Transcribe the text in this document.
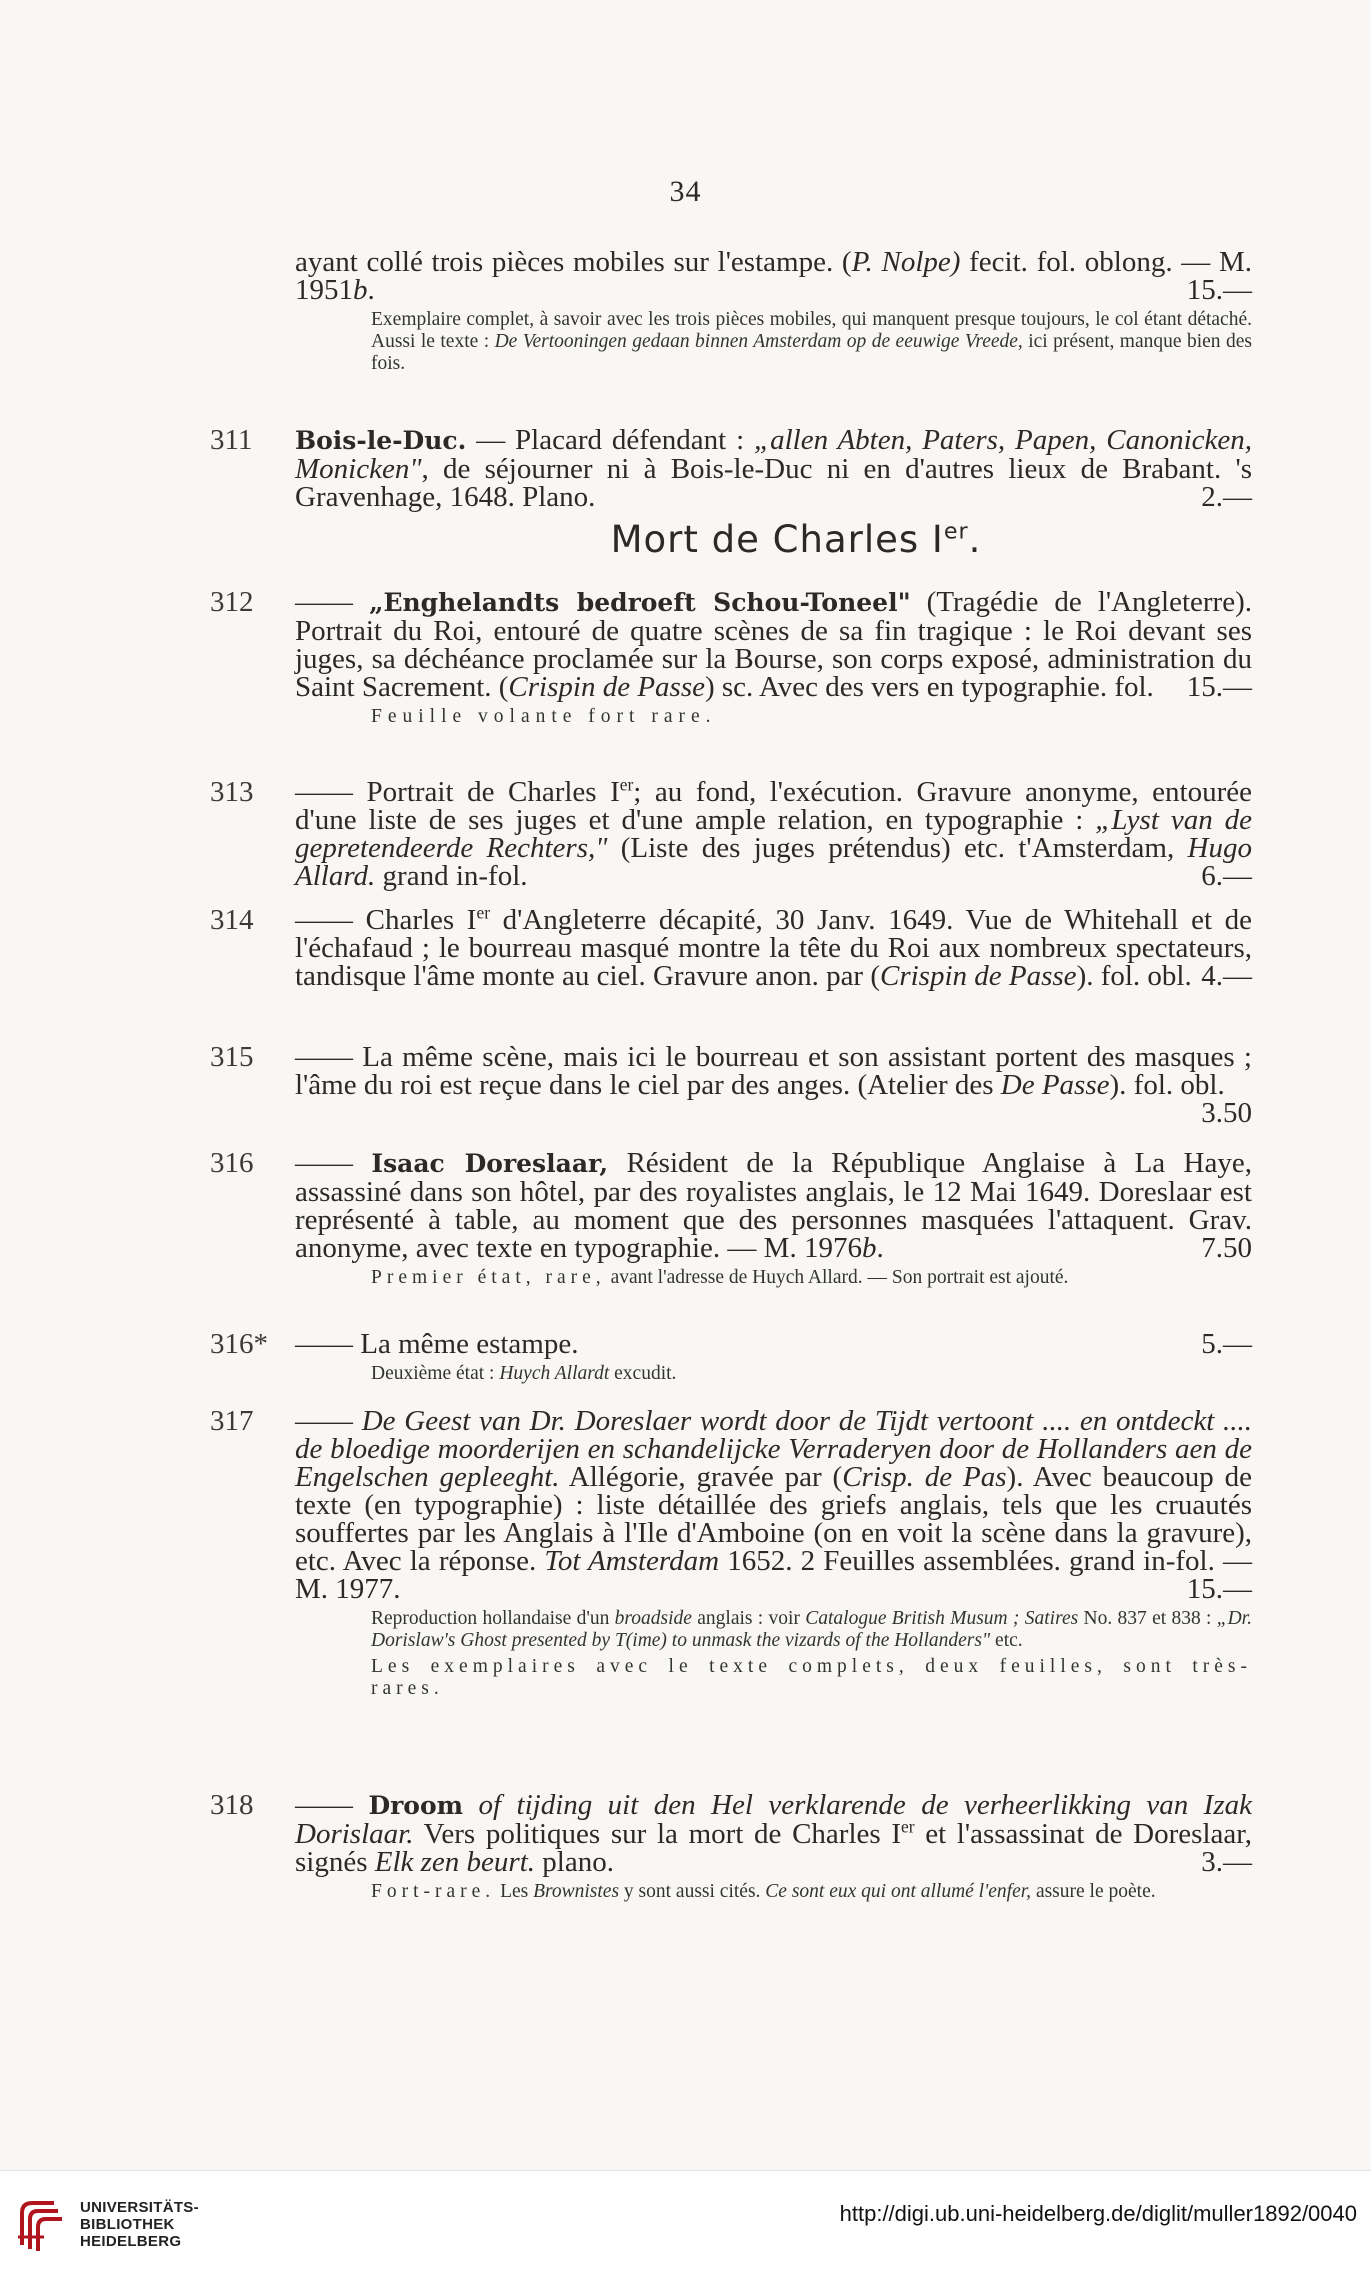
34
ayant collé trois pièces mobiles sur l'estampe. (P. Nolpe) fecit. fol. oblong. — M. 1951b.	15.—
Exemplaire complet, à savoir avec les trois pièces mobiles, qui manquent presque toujours, le col étant détaché. Aussi le texte : De Vertooningen gedaan binnen Amsterdam op de eeuwige Vreede, ici présent, manque bien des fois.
311	Bois-le-Duc. — Placard défendant : „allen Abten, Paters, Papen, Canonicken, Monicken", de séjourner ni à Bois-le-Duc ni en d'autres lieux de Brabant. 's Gravenhage, 1648. Plano.	2.—
Mort de Charles Ier.
312	—— „Enghelandts bedroeft Schou-Toneel" (Tragédie de l'Angleterre). Portrait du Roi, entouré de quatre scènes de sa fin tragique : le Roi devant ses juges, sa déchéance proclamée sur la Bourse, son corps exposé, administration du Saint Sacrement. (Crispin de Passe) sc. Avec des vers en typographie. fol. 15.—
Feuille volante fort rare.
313	—— Portrait de Charles Ier; au fond, l'exécution. Gravure anonyme, entourée d'une liste de ses juges et d'une ample relation, en typographie : „Lyst van de gepretendeerde Rechters," (Liste des juges prétendus) etc. t'Amsterdam, Hugo Allard. grand in-fol.	6.—
314	—— Charles Ier d'Angleterre décapité, 30 Janv. 1649. Vue de Whitehall et de l'échafaud ; le bourreau masqué montre la tête du Roi aux nombreux spectateurs, tandisque l'âme monte au ciel. Gravure anon. par (Crispin de Passe). fol. obl. 4.—
315	—— La même scène, mais ici le bourreau et son assistant portent des masques ; l'âme du roi est reçue dans le ciel par des anges. (Atelier des De Passe). fol. obl.
3.50
316	—— Isaac Doreslaar, Résident de la République Anglaise à La Haye, assassiné dans son hôtel, par des royalistes anglais, le 12 Mai 1649. Doreslaar est représenté à table, au moment que des personnes masquées l'attaquent. Grav. anonyme, avec texte en typographie. — M. 1976b.	7.50
Premier état, rare, avant l'adresse de Huych Allard. — Son portrait est ajouté.
316* —— La même estampe.	5.—
Deuxième état : Huych Allardt excudit.
317	—— De Geest van Dr. Doreslaer wordt door de Tijdt vertoont .... en ontdeckt .... de bloedige moorderijen en schandelijcke Verraderyen door de Hollanders aen de Engelschen gepleeght. Allégorie, gravée par (Crisp. de Pas). Avec beaucoup de texte (en typographie) : liste détaillée des griefs anglais, tels que les cruautés souffertes par les Anglais à l'Ile d'Amboine (on en voit la scène dans la gravure), etc. Avec la réponse. Tot Amsterdam 1652. 2 Feuilles assemblées. grand in-fol. — M. 1977.	15.—
Reproduction hollandaise d'un broadside anglais : voir Catalogue British Musum ; Satires No. 837 et 838 : „Dr. Dorislaw's Ghost presented by T(ime) to unmask the vizards of the Hollanders" etc.
Les exemplaires avec le texte complets, deux feuilles, sont très-rares.
318	—— Droom of tijding uit den Hel verklarende de verheerlikking van Izak Dorislaar. Vers politiques sur la mort de Charles Ier et l'assassinat de Doreslaar, signés Elk zen beurt. plano.	3.—
Fort-rare. Les Brownistes y sont aussi cités. Ce sont eux qui ont allumé l'enfer, assure le poète.
UNIVERSITÄTS-
BIBLIOTHEK
HEIDELBERG
http://digi.ub.uni-heidelberg.de/diglit/muller1892/0040
